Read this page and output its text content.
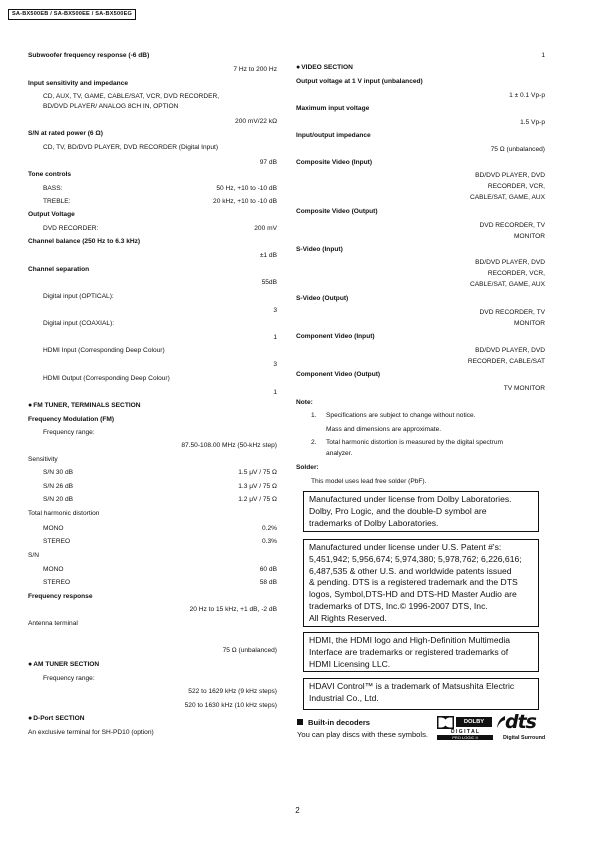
SA-BX500EB / SA-BX500EE / SA-BX500EG
Subwoofer frequency response (-6 dB)
7 Hz to 200 Hz
Input sensitivity and impedance
CD, AUX, TV, GAME, CABLE/SAT, VCR, DVD RECORDER,
BD/DVD PLAYER/ ANALOG 8CH IN, OPTION
200 mV/22 kΩ
S/N at rated power (6 Ω)
CD, TV, BD/DVD PLAYER, DVD RECORDER (Digital Input)
97 dB
Tone controls
BASS:	50 Hz, +10 to -10 dB
TREBLE:	20 kHz, +10 to -10 dB
Output Voltage
DVD RECORDER:	200 mV
Channel balance (250 Hz to 6.3 kHz)
±1 dB
Channel separation
55dB
Digital input (OPTICAL):
3
Digital input (COAXIAL):
1
HDMI Input (Corresponding Deep Colour)
3
HDMI Output (Corresponding Deep Colour)
1
● FM TUNER, TERMINALS SECTION
Frequency Modulation (FM)
Frequency range:
87.50-108.00 MHz (50-kHz step)
Sensitivity
S/N 30 dB	1.5 μV / 75 Ω
S/N 26 dB	1.3 μV / 75 Ω
S/N 20 dB	1.2 μV / 75 Ω
Total harmonic distortion
MONO	0.2%
STEREO	0.3%
S/N
MONO	60 dB
STEREO	58 dB
Frequency response
20 Hz to 15 kHz, +1 dB, -2 dB
Antenna terminal
75 Ω (unbalanced)
● AM TUNER SECTION
Frequency range:
522 to 1629 kHz (9 kHz steps)
520 to 1630 kHz (10 kHz steps)
● D-Port SECTION
An exclusive terminal for SH-PD10 (option)
1
● VIDEO SECTION
Output voltage at 1 V input (unbalanced)
1 ± 0.1 Vp-p
Maximum input voltage
1.5 Vp-p
Input/output impedance
75 Ω (unbalanced)
Composite Video (Input)
BD/DVD PLAYER, DVD
RECORDER, VCR,
CABLE/SAT, GAME, AUX
Composite Video (Output)
DVD RECORDER, TV
MONITOR
S-Video (Input)
BD/DVD PLAYER, DVD
RECORDER, VCR,
CABLE/SAT, GAME, AUX
S-Video (Output)
DVD RECORDER, TV
MONITOR
Component Video (Input)
BD/DVD PLAYER, DVD
RECORDER, CABLE/SAT
Component Video (Output)
TV MONITOR
Note:
1. Specifications are subject to change without notice.
Mass and dimensions are approximate.
2. Total harmonic distortion is measured by the digital spectrum
analyzer.
Solder:
This model uses lead free solder (PbF).
Manufactured under license from Dolby Laboratories.
Dolby, Pro Logic, and the double-D symbol are
trademarks of Dolby Laboratories.
Manufactured under license under U.S. Patent #'s:
5,451,942; 5,956,674; 5,974,380; 5,978,762; 6,226,616;
6,487,535 & other U.S. and worldwide patents issued
& pending. DTS is a registered trademark and the DTS
logos, Symbol,DTS-HD and DTS-HD Master Audio are
trademarks of DTS, Inc.© 1996-2007 DTS, Inc.
All Rights Reserved.
HDMI, the HDMI logo and High-Definition Multimedia
Interface are trademarks or registered trademarks of
HDMI Licensing LLC.
HDAVI Control™ is a trademark of Matsushita Electric
Industrial Co., Ltd.
Built-in decoders
You can play discs with these symbols.
DOLBY
D I G I T A L
PRO LOGIC II
dts
Digital Surround
2
